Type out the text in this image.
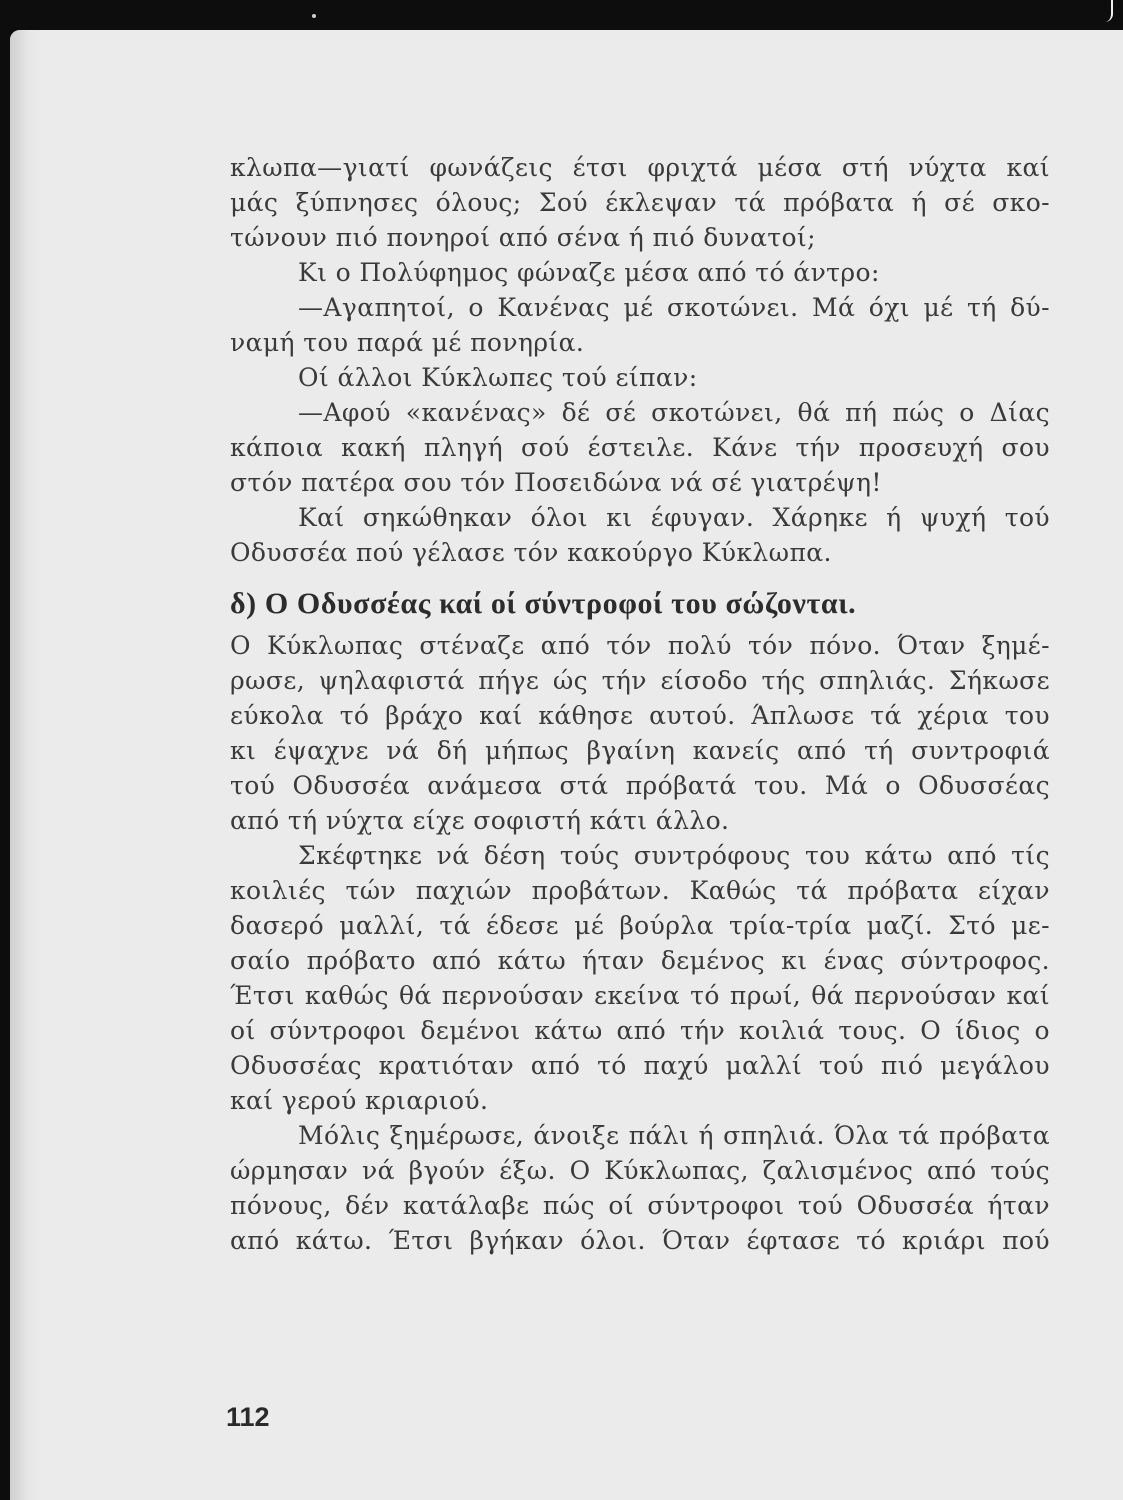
κλωπα—γιατί φωνάζεις έτσι φριχτά μέσα στή νύχτα καί
μάς ξύπνησες όλους; Σού έκλεψαν τά πρόβατα ή σέ σκο-
τώνουν πιό πονηροί από σένα ή πιό δυνατοί;
Κι ο Πολύφημος φώναζε μέσα από τό άντρο:
—Αγαπητοί, ο Κανένας μέ σκοτώνει. Μά όχι μέ τή δύ-
ναμή του παρά μέ πονηρία.
Οί άλλοι Κύκλωπες τού είπαν:
—Αφού «κανένας» δέ σέ σκοτώνει, θά πή πώς ο Δίας
κάποια κακή πληγή σού έστειλε. Κάνε τήν προσευχή σου
στόν πατέρα σου τόν Ποσειδώνα νά σέ γιατρέψη!
Καί σηκώθηκαν όλοι κι έφυγαν. Χάρηκε ή ψυχή τού
Οδυσσέα πού γέλασε τόν κακούργο Κύκλωπα.
δ) Ο Οδυσσέας καί οί σύντροφοί του σώζονται.
Ο Κύκλωπας στέναζε από τόν πολύ τόν πόνο. Όταν ξημέ-
ρωσε, ψηλαφιστά πήγε ώς τήν είσοδο τής σπηλιάς. Σήκωσε
εύκολα τό βράχο καί κάθησε αυτού. Άπλωσε τά χέρια του
κι έψαχνε νά δή μήπως βγαίνη κανείς από τή συντροφιά
τού Οδυσσέα ανάμεσα στά πρόβατά του. Μά ο Οδυσσέας
από τή νύχτα είχε σοφιστή κάτι άλλο.
Σκέφτηκε νά δέση τούς συντρόφους του κάτω από τίς
κοιλιές τών παχιών προβάτων. Καθώς τά πρόβατα είχαν
δασερό μαλλί, τά έδεσε μέ βούρλα τρία-τρία μαζί. Στό με-
σαίο πρόβατο από κάτω ήταν δεμένος κι ένας σύντροφος.
Έτσι καθώς θά περνούσαν εκείνα τό πρωί, θά περνούσαν καί
οί σύντροφοι δεμένοι κάτω από τήν κοιλιά τους. Ο ίδιος ο
Οδυσσέας κρατιόταν από τό παχύ μαλλί τού πιό μεγάλου
καί γερού κριαριού.
Μόλις ξημέρωσε, άνοιξε πάλι ή σπηλιά. Όλα τά πρόβατα
ώρμησαν νά βγούν έξω. Ο Κύκλωπας, ζαλισμένος από τούς
πόνους, δέν κατάλαβε πώς οί σύντροφοι τού Οδυσσέα ήταν
από κάτω. Έτσι βγήκαν όλοι. Όταν έφτασε τό κριάρι πού
112
